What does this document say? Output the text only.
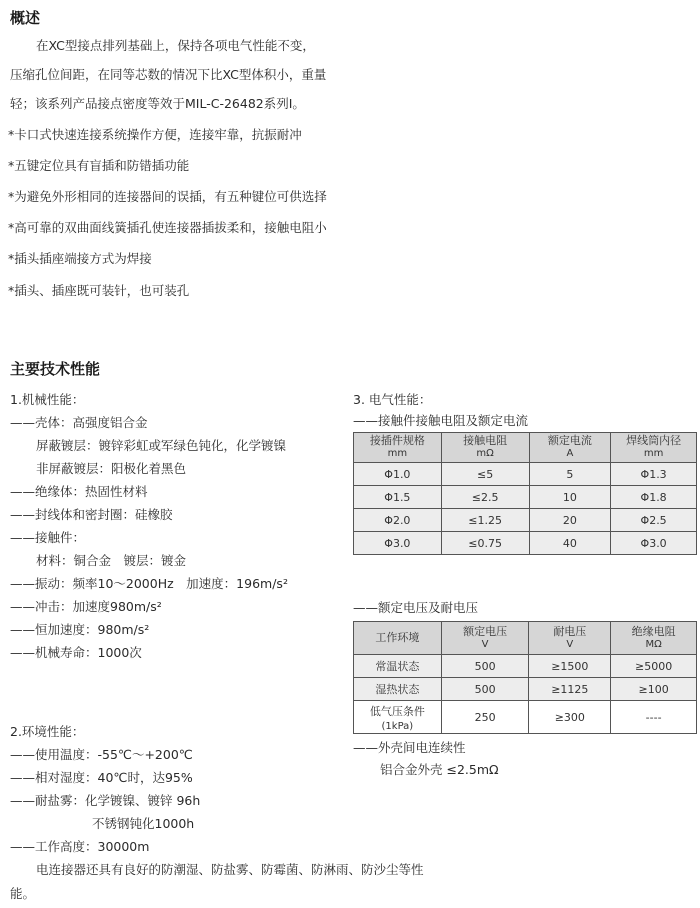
概述
在XC型接点排列基础上，保持各项电气性能不变，
压缩孔位间距，在同等芯数的情况下比XC型体积小，重量
轻；该系列产品接点密度等效于MIL-C-26482系列Ⅰ。
*卡口式快速连接系统操作方便，连接牢靠，抗振耐冲
*五键定位具有盲插和防错插功能
*为避免外形相同的连接器间的误插，有五种键位可供选择
*高可靠的双曲面线簧插孔使连接器插拔柔和，接触电阻小
*插头插座端接方式为焊接
*插头、插座既可装针，也可装孔
主要技术性能
1.机械性能：
——壳体：高强度铝合金
屏蔽镀层：镀锌彩虹或军绿色钝化，化学镀镍
非屏蔽镀层：阳极化着黑色
——绝缘体：热固性材料
——封线体和密封圈：硅橡胶
——接触件：
材料：铜合金　镀层：镀金
——振动：频率10～2000Hz　加速度：196m/s²
——冲击：加速度980m/s²
——恒加速度：980m/s²
——机械寿命：1000次
2.环境性能：
——使用温度：-55℃～+200℃
——相对湿度：40℃时，达95%
——耐盐雾：化学镀镍、镀锌 96h
不锈钢钝化1000h
——工作高度：30000m
电连接器还具有良好的防潮湿、防盐雾、防霉菌、防淋雨、防沙尘等性
能。
3. 电气性能：
——接触件接触电阻及额定电流
接插件规格
mm	接触电阻
mΩ	额定电流
A	焊线筒内径
mm
Φ1.0	≤5	5	Φ1.3
Φ1.5	≤2.5	10	Φ1.8
Φ2.0	≤1.25	20	Φ2.5
Φ3.0	≤0.75	40	Φ3.0
——额定电压及耐电压
工作环境	额定电压
V	耐电压
V	绝缘电阻
MΩ
常温状态	500	≥1500	≥5000
湿热状态	500	≥1125	≥100
低气压条件
(1kPa)	250	≥300	----
——外壳间电连续性
铝合金外壳 ≤2.5mΩ
